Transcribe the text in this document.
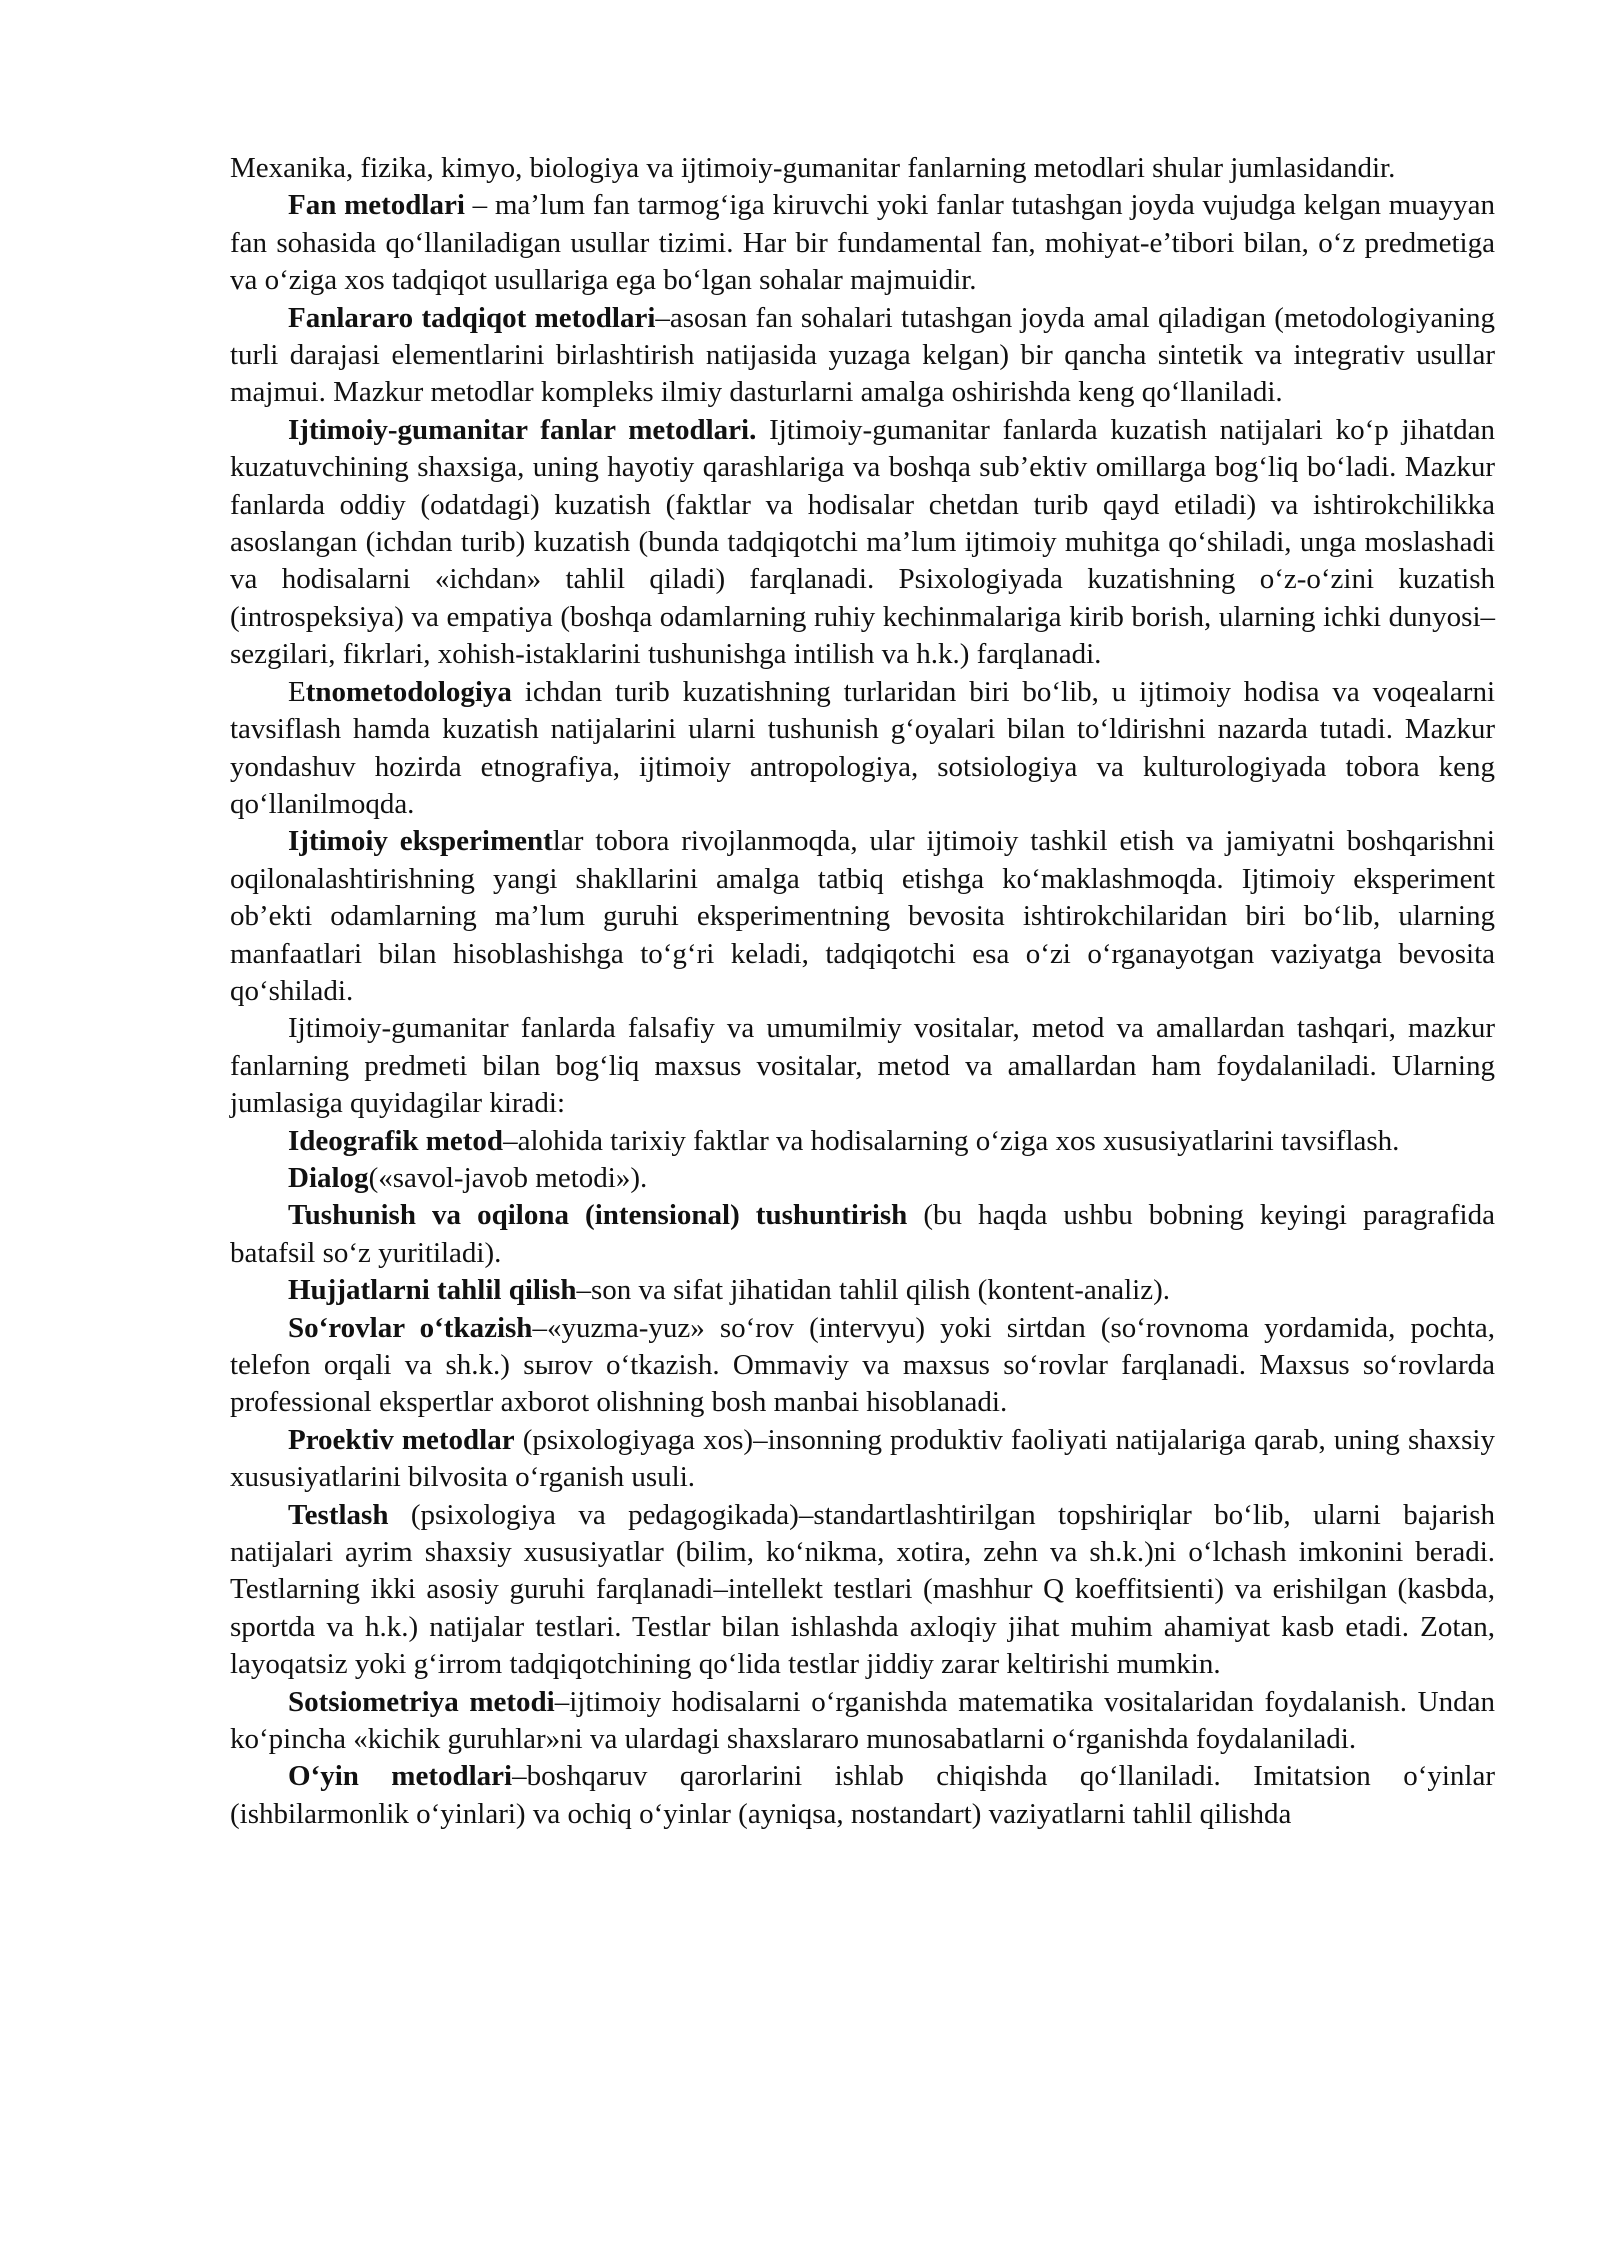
Mexanika, fizika, kimyo, biologiya va ijtimoiy-gumanitar fanlarning metodlari shular jumlasidandir.

Fan metodlari – ma’lum fan tarmog‘iga kiruvchi yoki fanlar tutashgan joyda vujudga kelgan muayyan fan sohasida qo‘llaniladigan usullar tizimi. Har bir fundamental fan, mohiyat-e’tibori bilan, o‘z predmetiga va o‘ziga xos tadqiqot usullariga ega bo‘lgan sohalar majmuidir.

Fanlararo tadqiqot metodlari–asosan fan sohalari tutashgan joyda amal qiladigan (metodologiyaning turli darajasi elementlarini birlashtirish natijasida yuzaga kelgan) bir qancha sintetik va integrativ usullar majmui. Mazkur metodlar kompleks ilmiy dasturlarni amalga oshirishda keng qo‘llaniladi.

Ijtimoiy-gumanitar fanlar metodlari. Ijtimoiy-gumanitar fanlarda kuzatish natijalari ko‘p jihatdan kuzatuvchining shaxsiga, uning hayotiy qarashlariga va boshqa sub’ektiv omillarga bog‘liq bo‘ladi. Mazkur fanlarda oddiy (odatdagi) kuzatish (faktlar va hodisalar chetdan turib qayd etiladi) va ishtirokchilikka asoslangan (ichdan turib) kuzatish (bunda tadqiqotchi ma’lum ijtimoiy muhitga qo‘shiladi, unga moslashadi va hodisalarni «ichdan» tahlil qiladi) farqlanadi. Psixologiyada kuzatishning o‘z-o‘zini kuzatish (introspeksiya) va empatiya (boshqa odamlarning ruhiy kechinmalariga kirib borish, ularning ichki dunyosi–sezgilari, fikrlari, xohish-istaklarini tushunishga intilish va h.k.) farqlanadi.

Etnometodologiya ichdan turib kuzatishning turlaridan biri bo‘lib, u ijtimoiy hodisa va voqealarni tavsiflash hamda kuzatish natijalarini ularni tushunish g‘oyalari bilan to‘ldirishni nazarda tutadi. Mazkur yondashuv hozirda etnografiya, ijtimoiy antropologiya, sotsiologiya va kulturologiyada tobora keng qo‘llanilmoqda.

Ijtimoiy eksperimentlar tobora rivojlanmoqda, ular ijtimoiy tashkil etish va jamiyatni boshqarishni oqilonalashtirishning yangi shakllarini amalga tatbiq etishga ko‘maklashmoqda. Ijtimoiy eksperiment ob’ekti odamlarning ma’lum guruhi eksperimentning bevosita ishtirokchilaridan biri bo‘lib, ularning manfaatlari bilan hisoblashishga to‘g‘ri keladi, tadqiqotchi esa o‘zi o‘rganayotgan vaziyatga bevosita qo‘shiladi.

Ijtimoiy-gumanitar fanlarda falsafiy va umumilmiy vositalar, metod va amallardan tashqari, mazkur fanlarning predmeti bilan bog‘liq maxsus vositalar, metod va amallardan ham foydalaniladi. Ularning jumlasiga quyidagilar kiradi:

Ideografik metod–alohida tarixiy faktlar va hodisalarning o‘ziga xos xususiyatlarini tavsiflash.

Dialog(«savol-javob metodi»).

Tushunish va oqilona (intensional) tushuntirish (bu haqda ushbu bobning keyingi paragrafida batafsil so‘z yuritiladi).

Hujjatlarni tahlil qilish–son va sifat jihatidan tahlil qilish (kontent-analiz).

So‘rovlar o‘tkazish–«yuzma-yuz» so‘rov (intervyu) yoki sirtdan (so‘rovnoma yordamida, pochta, telefon orqali va sh.k.) sыrov o‘tkazish. Ommaviy va maxsus so‘rovlar farqlanadi. Maxsus so‘rovlarda professional ekspertlar axborot olishning bosh manbai hisoblanadi.

Proektiv metodlar (psixologiyaga xos)–insonning produktiv faoliyati natijalariga qarab, uning shaxsiy xususiyatlarini bilvosita o‘rganish usuli.

Testlash (psixologiya va pedagogikada)–standartlashtirilgan topshiriqlar bo‘lib, ularni bajarish natijalari ayrim shaxsiy xususiyatlar (bilim, ko‘nikma, xotira, zehn va sh.k.)ni o‘lchash imkonini beradi. Testlarning ikki asosiy guruhi farqlanadi–intellekt testlari (mashhur Q koeffitsienti) va erishilgan (kasbda, sportda va h.k.) natijalar testlari. Testlar bilan ishlashda axloqiy jihat muhim ahamiyat kasb etadi. Zotan, layoqatsiz yoki g‘irrom tadqiqotchining qo‘lida testlar jiddiy zarar keltirishi mumkin.

Sotsiometriya metodi–ijtimoiy hodisalarni o‘rganishda matematika vositalaridan foydalanish. Undan ko‘pincha «kichik guruhlar»ni va ulardagi shaxslararo munosabatlarni o‘rganishda foydalaniladi.

O‘yin metodlari–boshqaruv qarorlarini ishlab chiqishda qo‘llaniladi. Imitatsion o‘yinlar (ishbilarmonlik o‘yinlari) va ochiq o‘yinlar (ayniqsa, nostandart) vaziyatlarni tahlil qilishda
